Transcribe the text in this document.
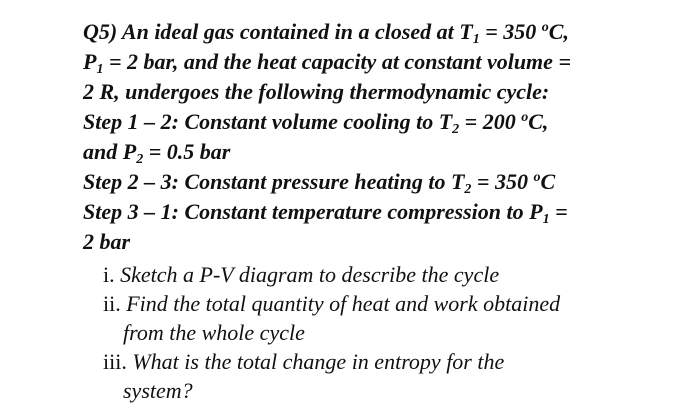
Q5) An ideal gas contained in a closed at $T_1 = 350$ $^o$C,
$P_1 = 2$ bar, and the heat capacity at constant volume =
2 R, undergoes the following thermodynamic cycle:
Step 1 – 2: Constant volume cooling to $T_2 = 200$ $^o$C,
and $P_2 = 0.5$ bar
Step 2 – 3: Constant pressure heating to $T_2 = 350$ $^o$C
Step 3 – 1: Constant temperature compression to $P_1$ =
2 bar
i. Sketch a P-V diagram to describe the cycle
ii. Find the total quantity of heat and work obtained
from the whole cycle
iii. What is the total change in entropy for the
system?
